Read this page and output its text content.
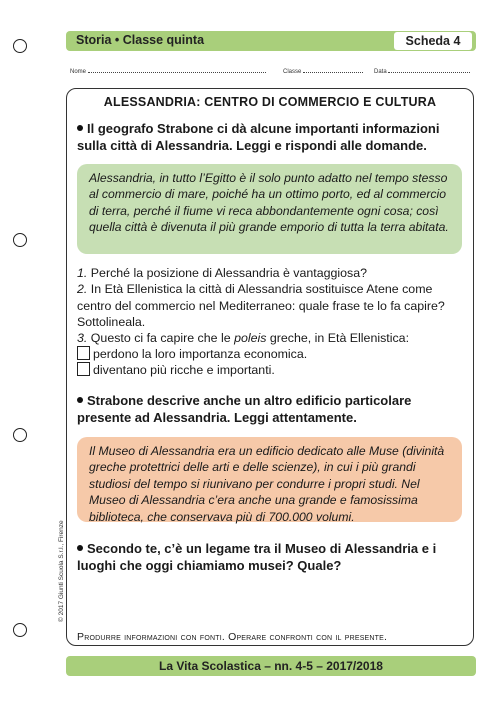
Storia • Classe quinta	Scheda 4
Nome	Classe	Data
ALESSANDRIA: CENTRO DI COMMERCIO E CULTURA
Il geografo Strabone ci dà alcune importanti informazioni sulla città di Alessandria. Leggi e rispondi alle domande.
Alessandria, in tutto l’Egitto è il solo punto adatto nel tempo stesso al commercio di mare, poiché ha un ottimo porto, ed al commercio di terra, perché il fiume vi reca abbondantemente ogni cosa; così quella città è divenuta il più grande emporio di tutta la terra abitata.
1. Perché la posizione di Alessandria è vantaggiosa?
2. In Età Ellenistica la città di Alessandria sostituisce Atene come centro del commercio nel Mediterraneo: quale frase te lo fa capire? Sottolineala.
3. Questo ci fa capire che le poleis greche, in Età Ellenistica:
perdono la loro importanza economica.
diventano più ricche e importanti.
Strabone descrive anche un altro edificio particolare presente ad Alessandria. Leggi attentamente.
Il Museo di Alessandria era un edificio dedicato alle Muse (divinità greche protettrici delle arti e delle scienze), in cui i più grandi studiosi del tempo si riunivano per condurre i propri studi. Nel Museo di Alessandria c’era anche una grande e famosissima biblioteca, che conservava più di 700.000 volumi.
Secondo te, c’è un legame tra il Museo di Alessandria e i luoghi che oggi chiamiamo musei? Quale?
Produrre informazioni con fonti. Operare confronti con il presente.
© 2017 Giunti Scuola S.r.l., Firenze
La Vita Scolastica – nn. 4-5 – 2017/2018
